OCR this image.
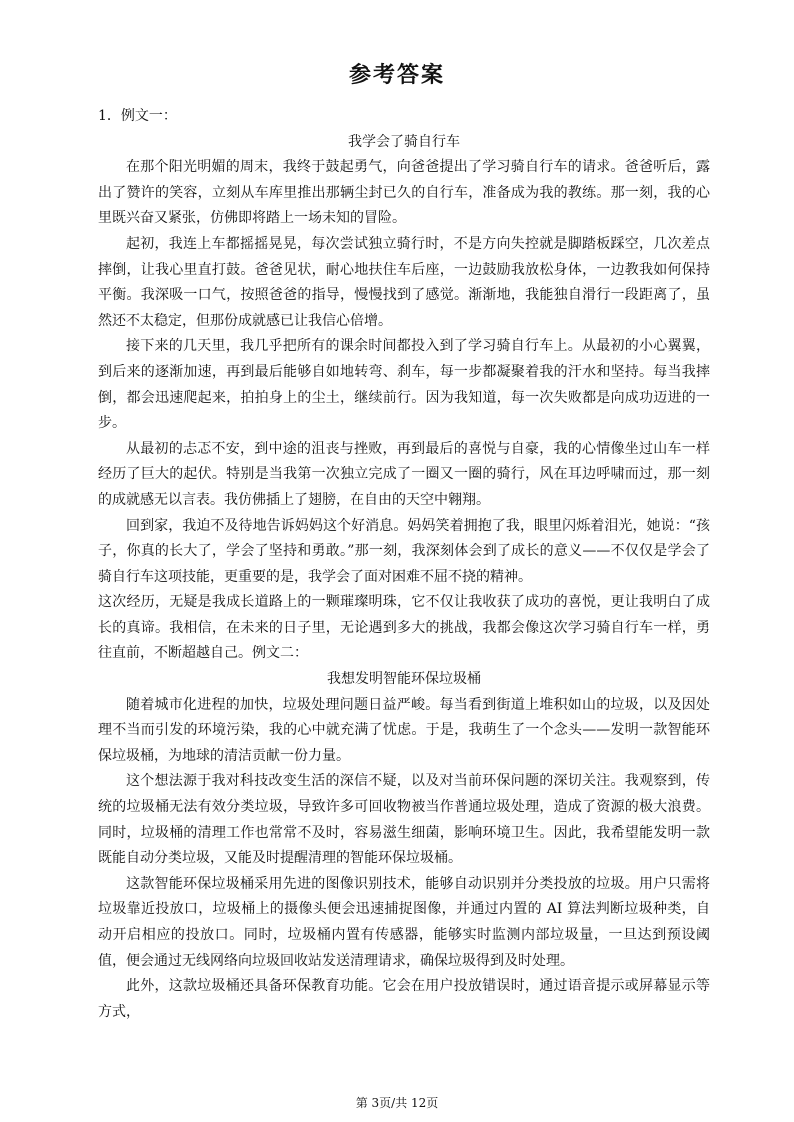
参考答案

1．例文一：

我学会了骑自行车

在那个阳光明媚的周末，我终于鼓起勇气，向爸爸提出了学习骑自行车的请求。爸爸听后，露出了赞许的笑容，立刻从车库里推出那辆尘封已久的自行车，准备成为我的教练。那一刻，我的心里既兴奋又紧张，仿佛即将踏上一场未知的冒险。

起初，我连上车都摇摇晃晃，每次尝试独立骑行时，不是方向失控就是脚踏板踩空，几次差点摔倒，让我心里直打鼓。爸爸见状，耐心地扶住车后座，一边鼓励我放松身体，一边教我如何保持平衡。我深吸一口气，按照爸爸的指导，慢慢找到了感觉。渐渐地，我能独自滑行一段距离了，虽然还不太稳定，但那份成就感已让我信心倍增。

接下来的几天里，我几乎把所有的课余时间都投入到了学习骑自行车上。从最初的小心翼翼，到后来的逐渐加速，再到最后能够自如地转弯、刹车，每一步都凝聚着我的汗水和坚持。每当我摔倒，都会迅速爬起来，拍拍身上的尘土，继续前行。因为我知道，每一次失败都是向成功迈进的一步。

从最初的忐忑不安，到中途的沮丧与挫败，再到最后的喜悦与自豪，我的心情像坐过山车一样经历了巨大的起伏。特别是当我第一次独立完成了一圈又一圈的骑行，风在耳边呼啸而过，那一刻的成就感无以言表。我仿佛插上了翅膀，在自由的天空中翱翔。

回到家，我迫不及待地告诉妈妈这个好消息。妈妈笑着拥抱了我，眼里闪烁着泪光，她说：“孩子，你真的长大了，学会了坚持和勇敢。”那一刻，我深刻体会到了成长的意义——不仅仅是学会了骑自行车这项技能，更重要的是，我学会了面对困难不屈不挠的精神。

这次经历，无疑是我成长道路上的一颗璀璨明珠，它不仅让我收获了成功的喜悦，更让我明白了成长的真谛。我相信，在未来的日子里，无论遇到多大的挑战，我都会像这次学习骑自行车一样，勇往直前，不断超越自己。例文二：

我想发明智能环保垃圾桶

随着城市化进程的加快，垃圾处理问题日益严峻。每当看到街道上堆积如山的垃圾，以及因处理不当而引发的环境污染，我的心中就充满了忧虑。于是，我萌生了一个念头——发明一款智能环保垃圾桶，为地球的清洁贡献一份力量。

这个想法源于我对科技改变生活的深信不疑，以及对当前环保问题的深切关注。我观察到，传统的垃圾桶无法有效分类垃圾，导致许多可回收物被当作普通垃圾处理，造成了资源的极大浪费。同时，垃圾桶的清理工作也常常不及时，容易滋生细菌，影响环境卫生。因此，我希望能发明一款既能自动分类垃圾，又能及时提醒清理的智能环保垃圾桶。

这款智能环保垃圾桶采用先进的图像识别技术，能够自动识别并分类投放的垃圾。用户只需将垃圾靠近投放口，垃圾桶上的摄像头便会迅速捕捉图像，并通过内置的 AI 算法判断垃圾种类，自动开启相应的投放口。同时，垃圾桶内置有传感器，能够实时监测内部垃圾量，一旦达到预设阈值，便会通过无线网络向垃圾回收站发送清理请求，确保垃圾得到及时处理。

此外，这款垃圾桶还具备环保教育功能。它会在用户投放错误时，通过语音提示或屏幕显示等方式，

第 3页/共 12页
